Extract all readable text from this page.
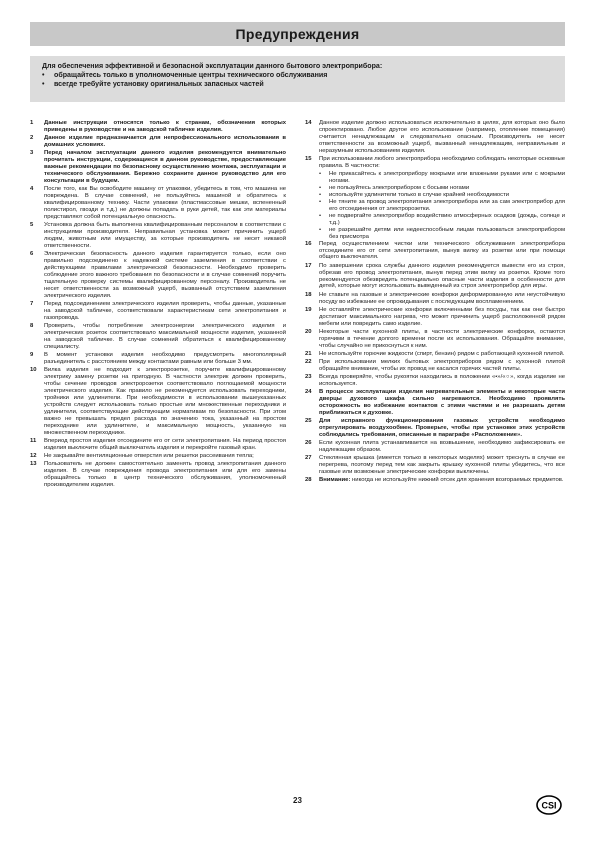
Предупреждения
Для обеспечения эффективной и безопасной эксплуатации данного бытового электроприбора:
• обращайтесь только в уполномоченные центры технического обслуживания
• всегде требуйте установку оригинальных запасных частей
1	Данные инструкции относятся только к странам, обозначения которых приведены в руководстве и на заводской табличке изделия.
2	Данное изделие предназначается для непрофессионального использования в домашних условиях.
3	Перед началом эксплуатации данного изделия рекомендуется внимательно прочитать инструкции, содержащиеся в данном руководстве, предоставляющие важные рекомендации по безопасному осуществлению монтажа, эксплуатации и технического обслуживания. Бережно сохраните данное руководство для его консультации в будущем.
4	После того, как Вы освободите машину от упаковки, убедитесь в том, что машина не повреждена. В случае сомнений, не пользуйтесь машиной и обратитесь к квалифицированному технику. Части упаковки (пластмассовые мешки, вспененный полистирол, гвозди и т.д.) не должны попадать в руки детей, так как эти материалы представляют собой потенциальную опасность.
5	Установка должна быть выполнена квалифицированным персоналом в соответствии с инструкциями производителя. Неправильная установка может причинить ущерб людям, животным или имуществу, за которые производитель не несет никакой ответственности.
6	Электрическая безопасность данного изделия гарантируется только, если оно правильно подсоединено к надежной системе заземления в соответствии с действующими правилами электрической безопасности. Необходимо проверить соблюдение этого важного требования по безопасности и в случае сомнений поручить тщательную проверку системы квалифицированному персоналу. Производитель не несет ответственности за возможный ущерб, вызванный отсутствием заземления электрического изделия.
7	Перед подсоединением электрического изделия проверить, чтобы данные, указанные на заводской табличке, соответствовали характеристикам сети электропитания и газопровода.
8	Проверить, чтобы потребление электроэнергии электрического изделия и электрических розеток соответствовало максимальной мощности изделия, указанной на заводской табличке. В случае сомнений обратиться к квалифицированному специалисту.
9	В момент установки изделия необходимо предусмотреть многополярный разъединитель с расстоянием между контактами равным или больше 3 мм.
10	Вилка изделия не подходит к электророзетке, поручите квалифицированному электрику замену розетки на пригодную. В частности электрик должен проверить, чтобы сечение проводов электророзетки соответствовало поглощаемой мощности электрического изделия. Как правило не рекомендуется использовать переходники, тройники или удлинители. При необходимости в использовании вышеуказанных устройств следует использовать только простые или множественные переходники и удлинители, соответствующие действующим нормативам по безопасности. При этом важно не превышать предел расхода по значению тока, указанный на простом переходнике или удлинителе, и максимальную мощность, указанную на множественном переходнике.
11	Впериод простоя изделия отсоедините его от сети электропитания. На период простоя изделия выключите общий выключатель изделия и перекройте газовый кран.
12	Не закрывайте вентиляционные отверстия или решетки рассеивания тепла;
13	Пользователь не должен самостоятельно заменять провод электропитания данного изделия. В случае повреждения провода электропитания или для его замены обращайтесь только в центр технического обслуживания, уполномоченный производителем изделия.
14	Данное изделие должно использоваться исключительно в целях, для которых оно было спроектировано. Любое другое его использование (например, отопление помещения) считается ненадлежащим и следовательно опасным. Производитель не несет ответственности за возможный ущерб, вызванный ненадлежащим, неправильным и неразумным использованием изделия.
15	При использовании любого электроприбора необходимо соблюдать некоторые основные правила. В частности:
•	Не прикасайтесь к электроприбору мокрыми или влажными руками или с мокрыми ногами.
•	не пользуйтесь электроприбором с босыми ногами
•	используйте удлинители только в случае крайней необходимости
•	Не тяните за провод электропитания электроприбора или за сам электроприбор для его отсоединения от электророзетки.
•	не подвергайте электроприбор воздействию атмосферных осадков (дождь, солнце и т.д.)
•	не разрешайте детям или недееспособным лицам пользоваться электроприбором без присмотра
16	Перед осуществлением чистки или технического обслуживания электроприбора отсоедините его от сети электропитания, вынув вилку из розетки или при помощи общего выключателя.
17	По завершении срока службы данного изделия рекомендуется вывести его из строя, обрезав его провод электропитания, вынув перед этим вилку из розетки. Кроме того рекомендуется обезвредить потенциально опасные части изделия в особенности для детей, которые могут использовать выведенный из строя электроприбор для игры.
18	Не ставьте на газовые и электрические конфорки деформированную или неустойчивую посуду во избежание ее опрокидывания с последующим воспламенением.
19	Не оставляйте электрические конфорки включенными без посуды, так как они быстро достигают максимального нагрева, что может причинить ущерб расположенной рядом мебели или повредить само изделие.
20	Некоторые части кухонной плиты, в частности электрические конфорки, остаются горячими в течение долгого времени после их использования. Обращайте внимание, чтобы случайно не прикоснуться к ним.
21	Не используйте горючие жидкости (спирт, бензин) рядом с работающей кухонной плитой.
22	При использовании мелких бытовых электроприборов рядом с кухонной плитой обращайте внимание, чтобы их провод не касался горячих частей плиты.
23	Всегда проверяйте, чтобы рукоятки находились в положении «•»/«○», когда изделие не используется.
24	В процессе эксплуатации изделия нагревательные элементы и некоторые части дверцы духового шкафа сильно нагреваются. Необходимо проявлять осторожность во избежание контактов с этими частями и не разрешать детям приближаться к духовке.
25	Для исправного функционирования газовых устройств необходимо отрегулировать воздухообмен. Проверьте, чтобы при установке этих устройств соблюдались требования, описанные в параграфе «Расположение».
26	Если кухонная плита устанавливается на возвышение, необходимо зафиксировать ее надлежащим образом.
27	Стеклянная крышка (имеется только в некоторых моделях) может треснуть в случае ее перегрева, поэтому перед тем как закрыть крышку кухонной плиты убедитесь, что все газовые или возможные электрические конфорки выключены.
28	Внимание: никогда не используйте нижний отсек для хранения возгораемых предметов.
23	CSI
